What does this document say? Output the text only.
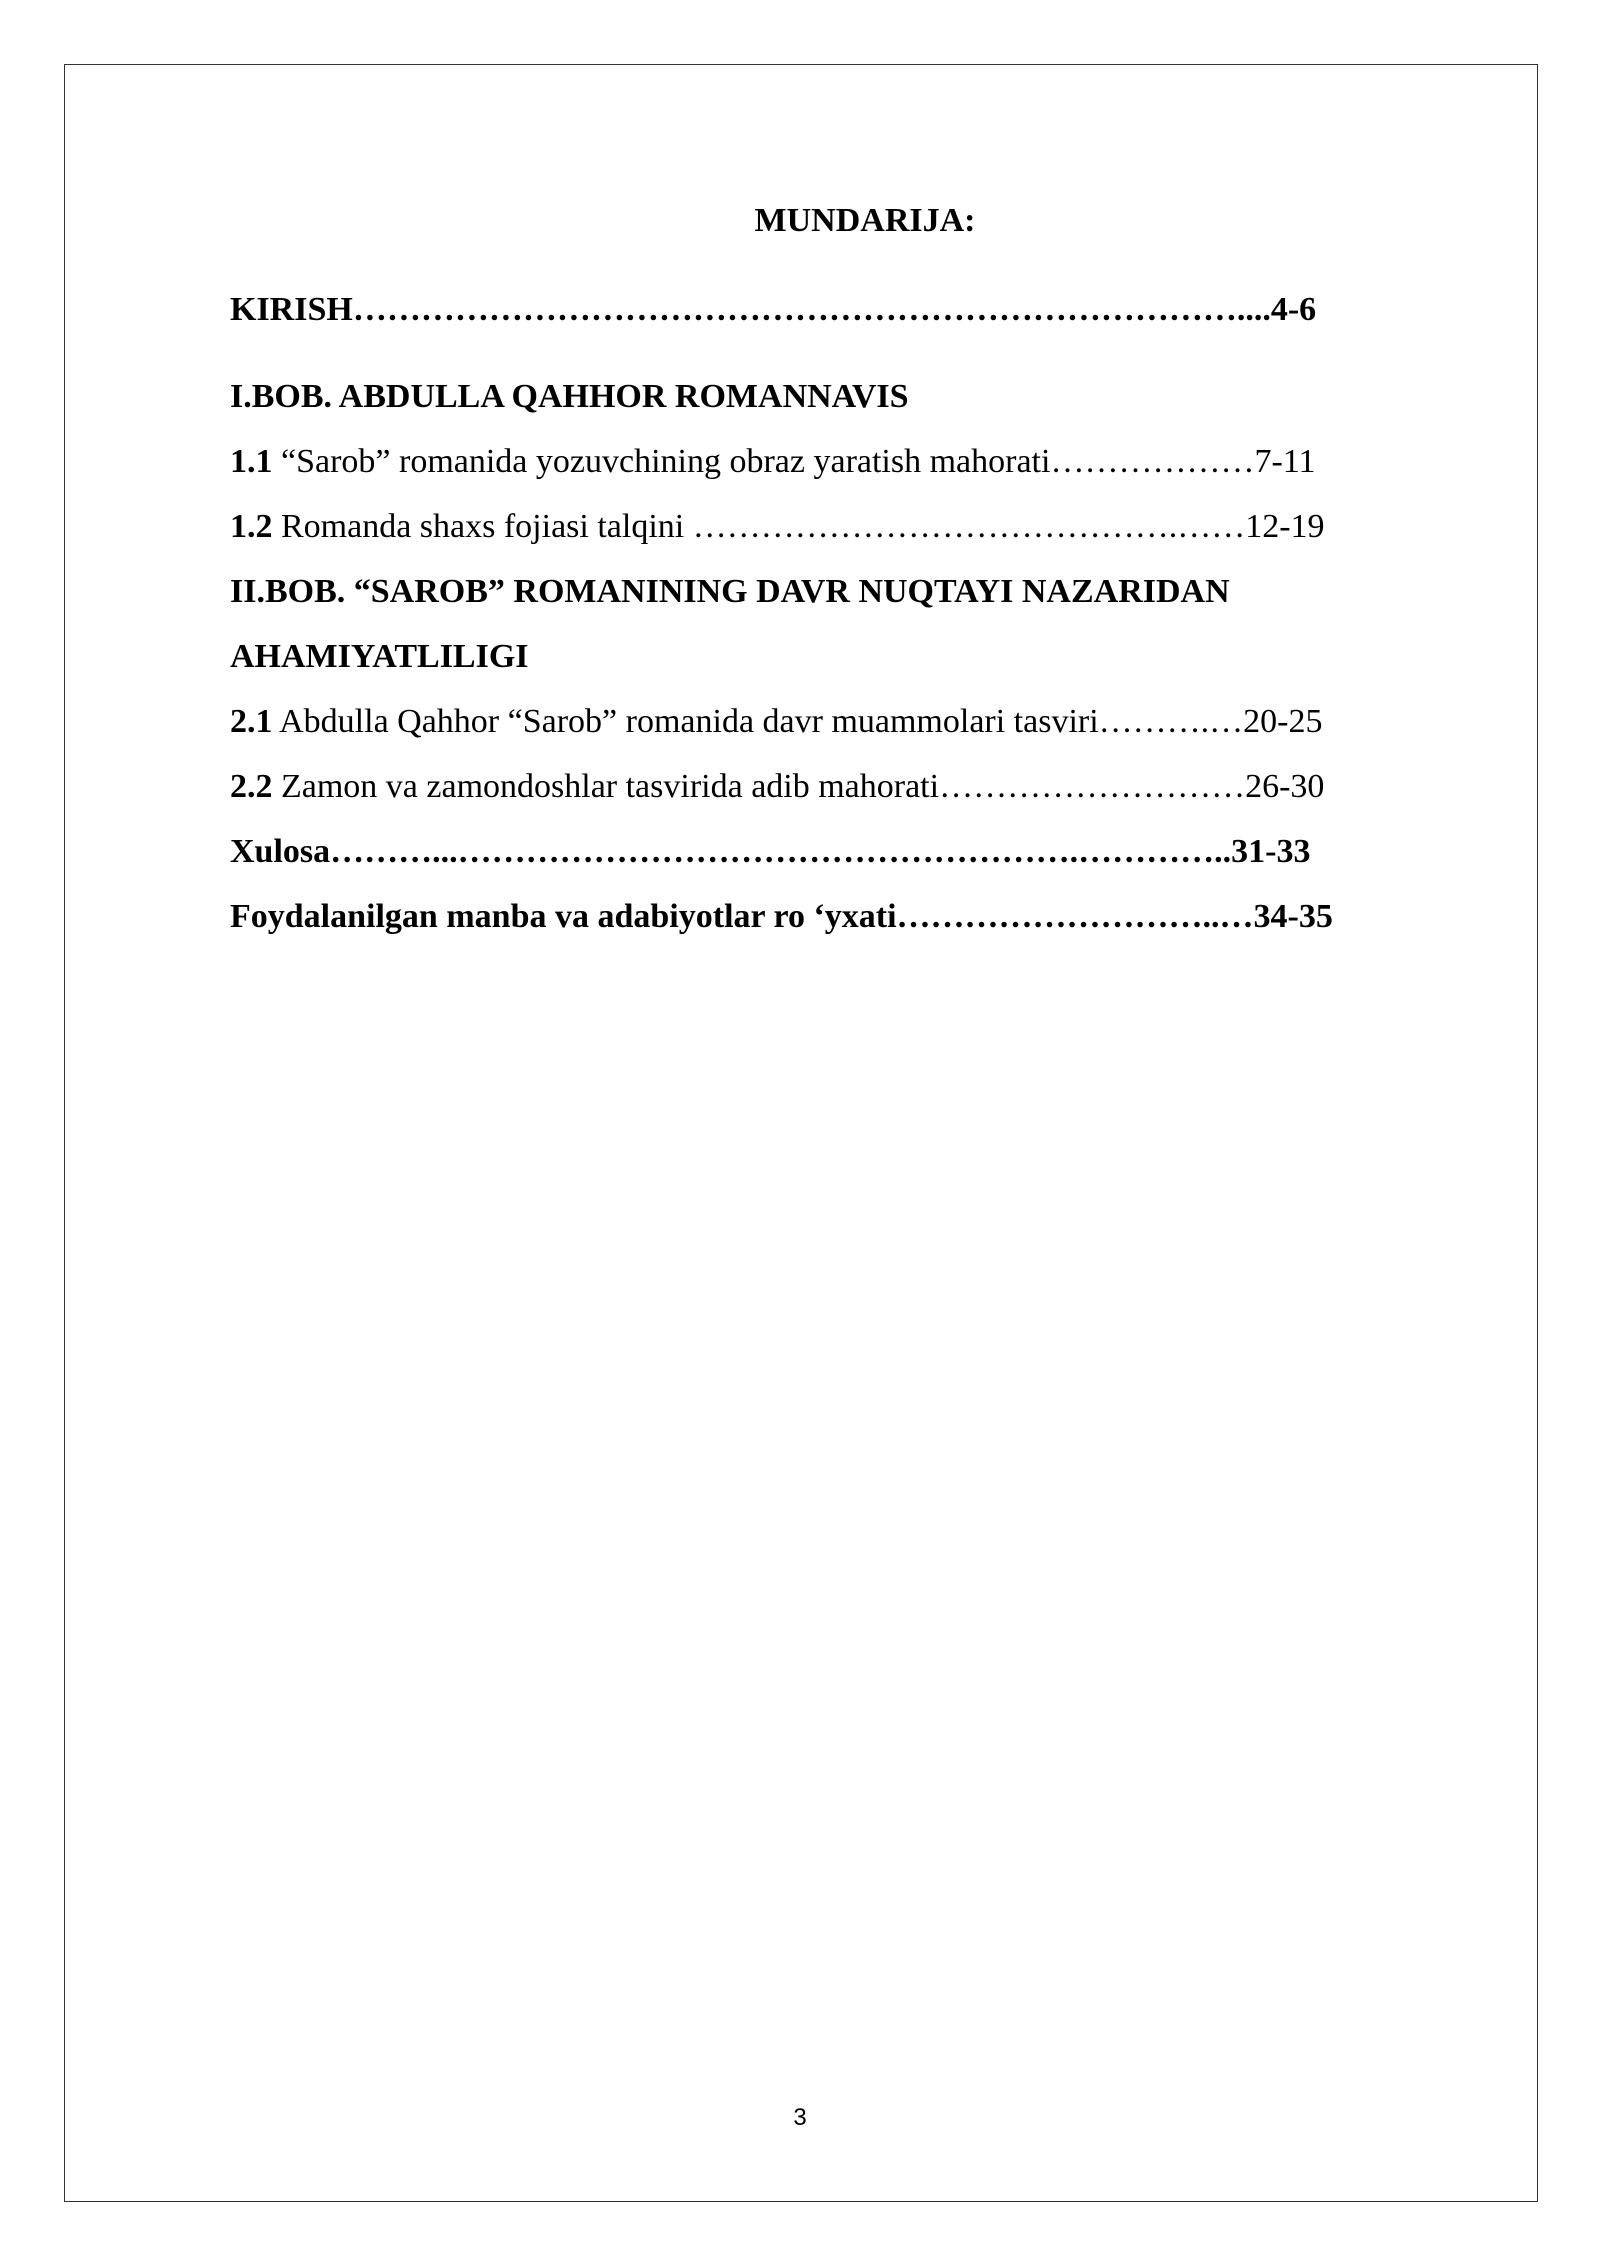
MUNDARIJA:
KIRISH……………………………………………………………………....4-6
I.BOB. ABDULLA QAHHOR ROMANNAVIS
1.1 “Sarob” romanida yozuvchining obraz yaratish mahorati………………7-11
1.2 Romanda shaxs fojiasi talqini …………………………………….……12-19
II.BOB. “SAROB” ROMANINING DAVR NUQTAYI NAZARIDAN
AHAMIYATLILIGI
2.1 Abdulla Qahhor “Sarob” romanida davr muammolari tasviri……….…20-25
2.2 Zamon va zamondoshlar tasvirida adib mahorati………………………26-30
Xulosa………...……………………………………………….…………..31-33
Foydalanilgan manba va adabiyotlar ro ‘yxati………………………..…34-35
3
